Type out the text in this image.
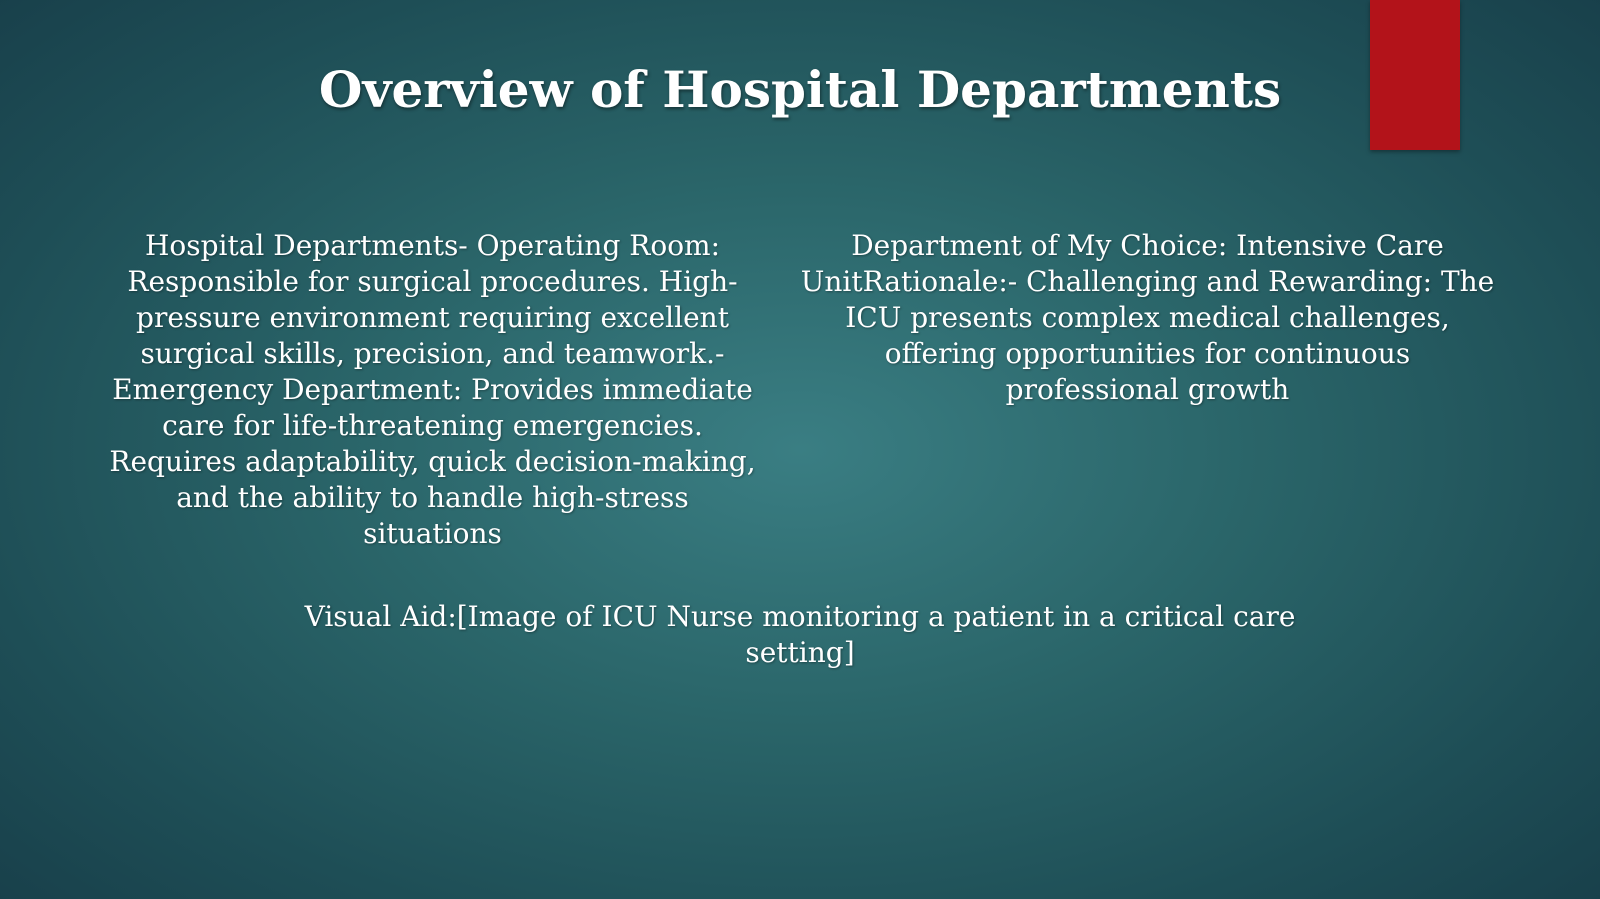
Overview of Hospital Departments
Hospital Departments- Operating Room: Responsible for surgical procedures. High-pressure environment requiring excellent surgical skills, precision, and teamwork.- Emergency Department: Provides immediate care for life-threatening emergencies. Requires adaptability, quick decision-making, and the ability to handle high-stress situations
Department of My Choice: Intensive Care UnitRationale:- Challenging and Rewarding: The ICU presents complex medical challenges, offering opportunities for continuous professional growth
Visual Aid:[Image of ICU Nurse monitoring a patient in a critical care setting]
